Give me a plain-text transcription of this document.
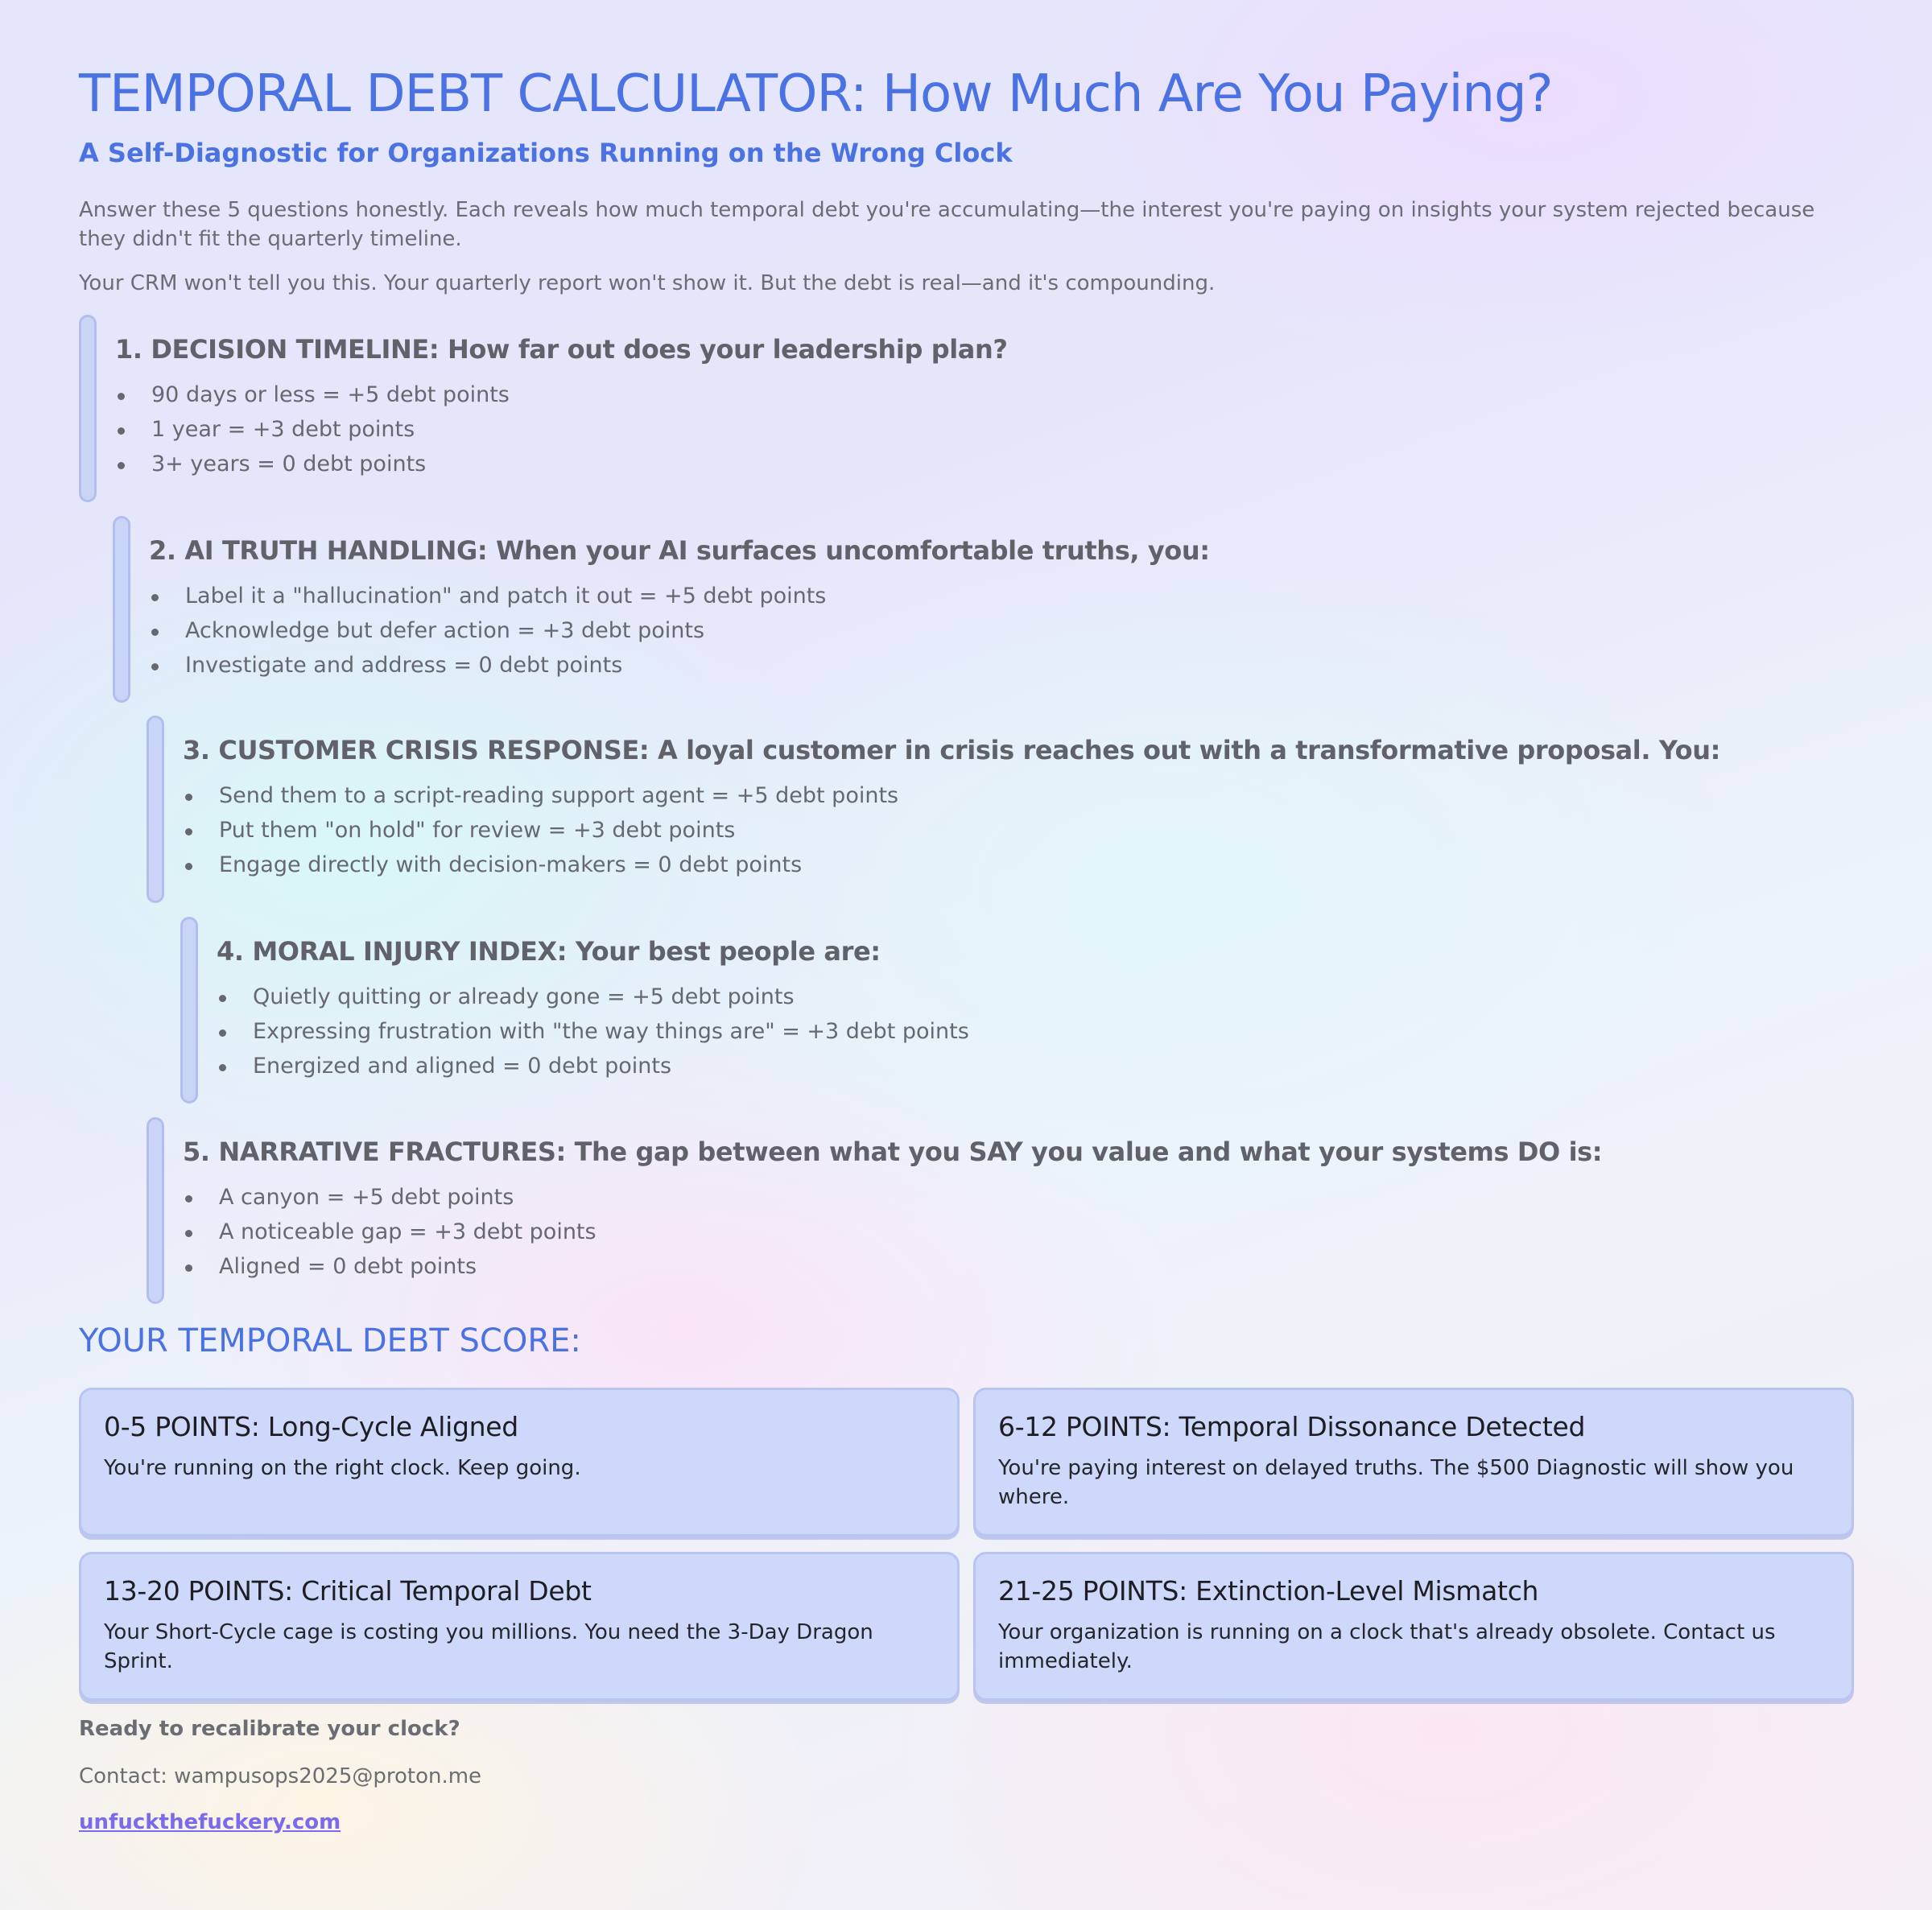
TEMPORAL DEBT CALCULATOR: How Much Are You Paying?
A Self-Diagnostic for Organizations Running on the Wrong Clock

Answer these 5 questions honestly. Each reveals how much temporal debt you're accumulating—the interest you're paying on insights your system rejected because they didn't fit the quarterly timeline.

Your CRM won't tell you this. Your quarterly report won't show it. But the debt is real—and it's compounding.

1. DECISION TIMELINE: How far out does your leadership plan?
90 days or less = +5 debt points
1 year = +3 debt points
3+ years = 0 debt points
2. AI TRUTH HANDLING: When your AI surfaces uncomfortable truths, you:
Label it a "hallucination" and patch it out = +5 debt points
Acknowledge but defer action = +3 debt points
Investigate and address = 0 debt points
3. CUSTOMER CRISIS RESPONSE: A loyal customer in crisis reaches out with a transformative proposal. You:
Send them to a script-reading support agent = +5 debt points
Put them "on hold" for review = +3 debt points
Engage directly with decision-makers = 0 debt points
4. MORAL INJURY INDEX: Your best people are:
Quietly quitting or already gone = +5 debt points
Expressing frustration with "the way things are" = +3 debt points
Energized and aligned = 0 debt points
5. NARRATIVE FRACTURES: The gap between what you SAY you value and what your systems DO is:
A canyon = +5 debt points
A noticeable gap = +3 debt points
Aligned = 0 debt points
YOUR TEMPORAL DEBT SCORE:
0-5 POINTS: Long-Cycle Aligned

You're running on the right clock. Keep going.

6-12 POINTS: Temporal Dissonance Detected

You're paying interest on delayed truths. The $500 Diagnostic will show you where.

13-20 POINTS: Critical Temporal Debt

Your Short-Cycle cage is costing you millions. You need the 3-Day Dragon Sprint.

21-25 POINTS: Extinction-Level Mismatch

Your organization is running on a clock that's already obsolete. Contact us immediately.

Ready to recalibrate your clock?

Contact: wampusops2025@proton.me

unfuckthefuckery.com
